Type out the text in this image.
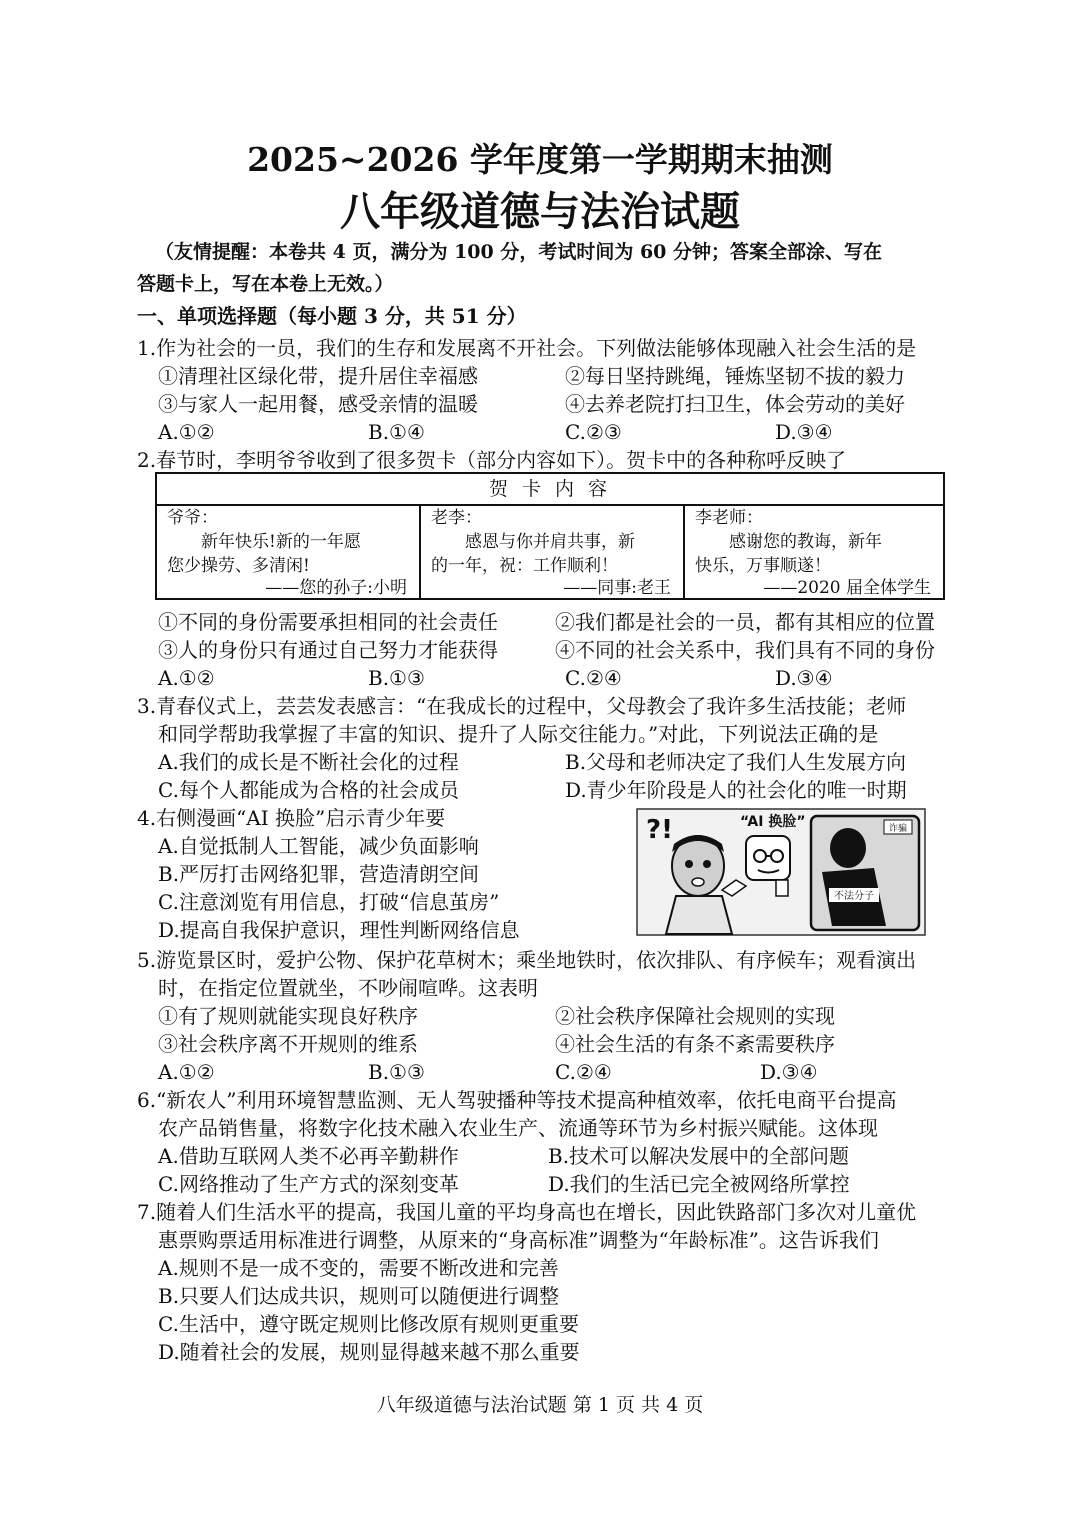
2025~2026 学年度第一学期期末抽测
八年级道德与法治试题
（友情提醒：本卷共 4 页，满分为 100 分，考试时间为 60 分钟；答案全部涂、写在
答题卡上，写在本卷上无效。）
一、单项选择题（每小题 3 分，共 51 分）
1.作为社会的一员，我们的生存和发展离不开社会。下列做法能够体现融入社会生活的是
①清理社区绿化带，提升居住幸福感	②每日坚持跳绳，锤炼坚韧不拔的毅力
③与家人一起用餐，感受亲情的温暖	④去养老院打扫卫生，体会劳动的美好
A.①②	B.①④	C.②③	D.③④
2.春节时，李明爷爷收到了很多贺卡（部分内容如下）。贺卡中的各种称呼反映了
贺 卡 内 容
爷爷：
新年快乐!新的一年愿
您少操劳、多清闲!
——您的孙子:小明
老李：
感恩与你并肩共事，新
的一年，祝：工作顺利！
——同事:老王
李老师：
感谢您的教诲，新年
快乐，万事顺遂！
——2020 届全体学生
①不同的身份需要承担相同的社会责任	②我们都是社会的一员，都有其相应的位置
③人的身份只有通过自己努力才能获得	④不同的社会关系中，我们具有不同的身份
A.①②	B.①③	C.②④	D.③④
3.青春仪式上，芸芸发表感言：“在我成长的过程中，父母教会了我许多生活技能；老师
和同学帮助我掌握了丰富的知识、提升了人际交往能力。”对此，下列说法正确的是
A.我们的成长是不断社会化的过程	B.父母和老师决定了我们人生发展方向
C.每个人都能成为合格的社会成员	D.青少年阶段是人的社会化的唯一时期
4.右侧漫画“AI 换脸”启示青少年要
A.自觉抵制人工智能，减少负面影响
B.严厉打击网络犯罪，营造清朗空间
C.注意浏览有用信息，打破“信息茧房”
D.提高自我保护意识，理性判断网络信息
不法分子
诈骗
?!	“AI 换脸”
5.游览景区时，爱护公物、保护花草树木；乘坐地铁时，依次排队、有序候车；观看演出
时，在指定位置就坐，不吵闹喧哗。这表明
①有了规则就能实现良好秩序	②社会秩序保障社会规则的实现
③社会秩序离不开规则的维系	④社会生活的有条不紊需要秩序
A.①②	B.①③	C.②④	D.③④
6.“新农人”利用环境智慧监测、无人驾驶播种等技术提高种植效率，依托电商平台提高
农产品销售量，将数字化技术融入农业生产、流通等环节为乡村振兴赋能。这体现
A.借助互联网人类不必再辛勤耕作	B.技术可以解决发展中的全部问题
C.网络推动了生产方式的深刻变革	D.我们的生活已完全被网络所掌控
7.随着人们生活水平的提高，我国儿童的平均身高也在增长，因此铁路部门多次对儿童优
惠票购票适用标准进行调整，从原来的“身高标准”调整为“年龄标准”。这告诉我们
A.规则不是一成不变的，需要不断改进和完善
B.只要人们达成共识，规则可以随便进行调整
C.生活中，遵守既定规则比修改原有规则更重要
D.随着社会的发展，规则显得越来越不那么重要
八年级道德与法治试题 第 1 页 共 4 页
